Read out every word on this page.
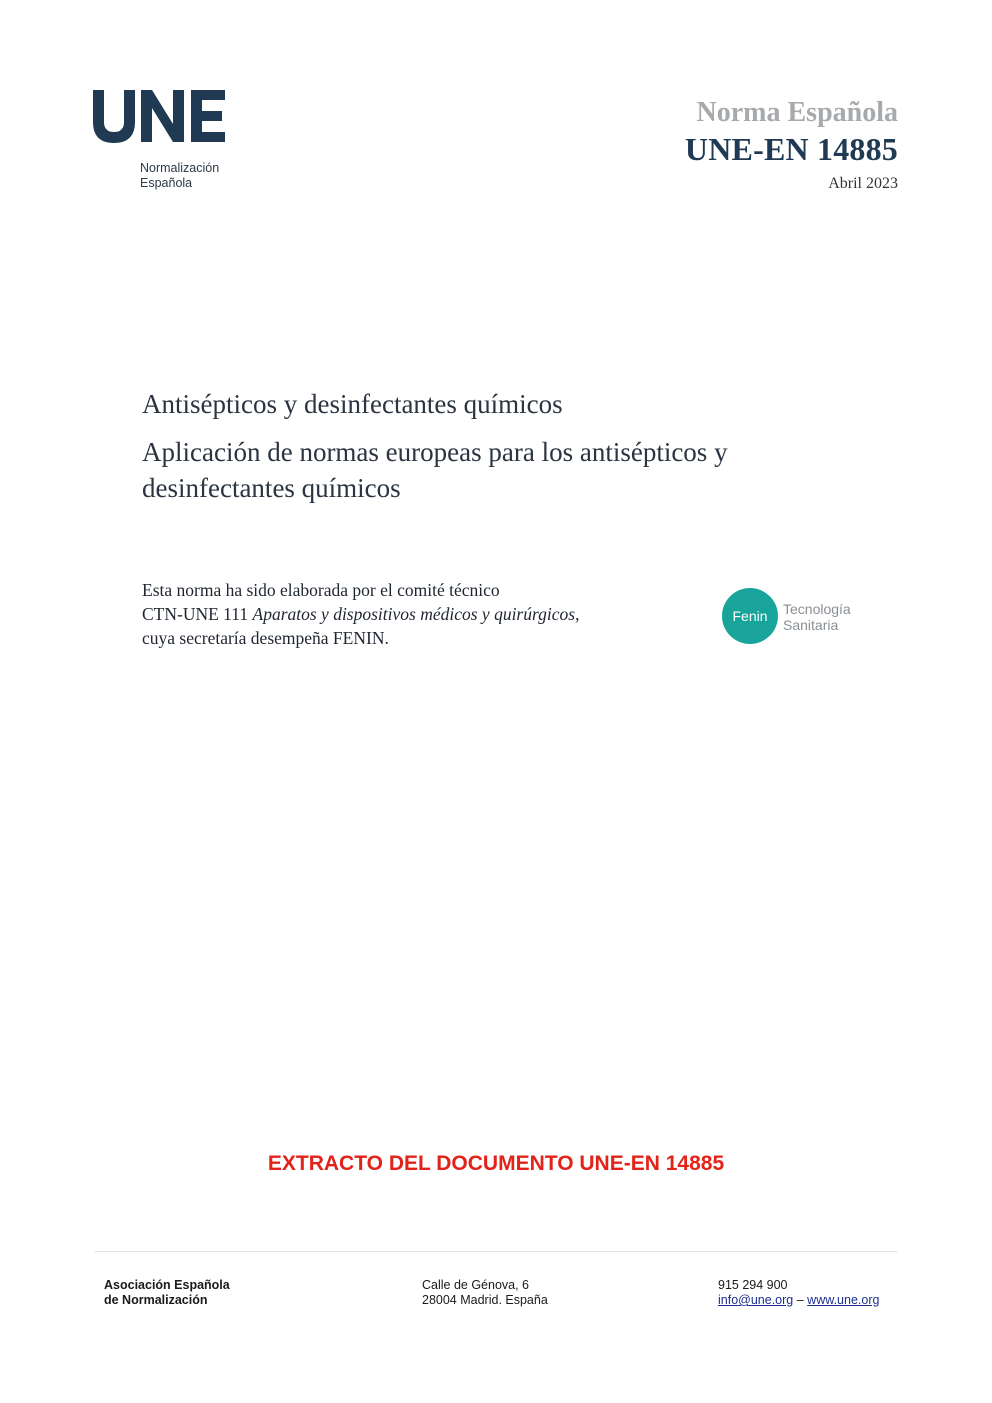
Normalización
Española
Norma Española
UNE-EN 14885
Abril 2023
Antisépticos y desinfectantes químicos
Aplicación de normas europeas para los antisépticos y desinfectantes químicos
Esta norma ha sido elaborada por el comité técnico
CTN-UNE 111 Aparatos y dispositivos médicos y quirúrgicos,
cuya secretaría desempeña FENIN.
Fenin	Tecnología
Sanitaria
EXTRACTO DEL DOCUMENTO UNE-EN 14885
Asociación Española
de Normalización
Calle de Génova, 6
28004 Madrid. España
915 294 900
info@une.org – www.une.org
